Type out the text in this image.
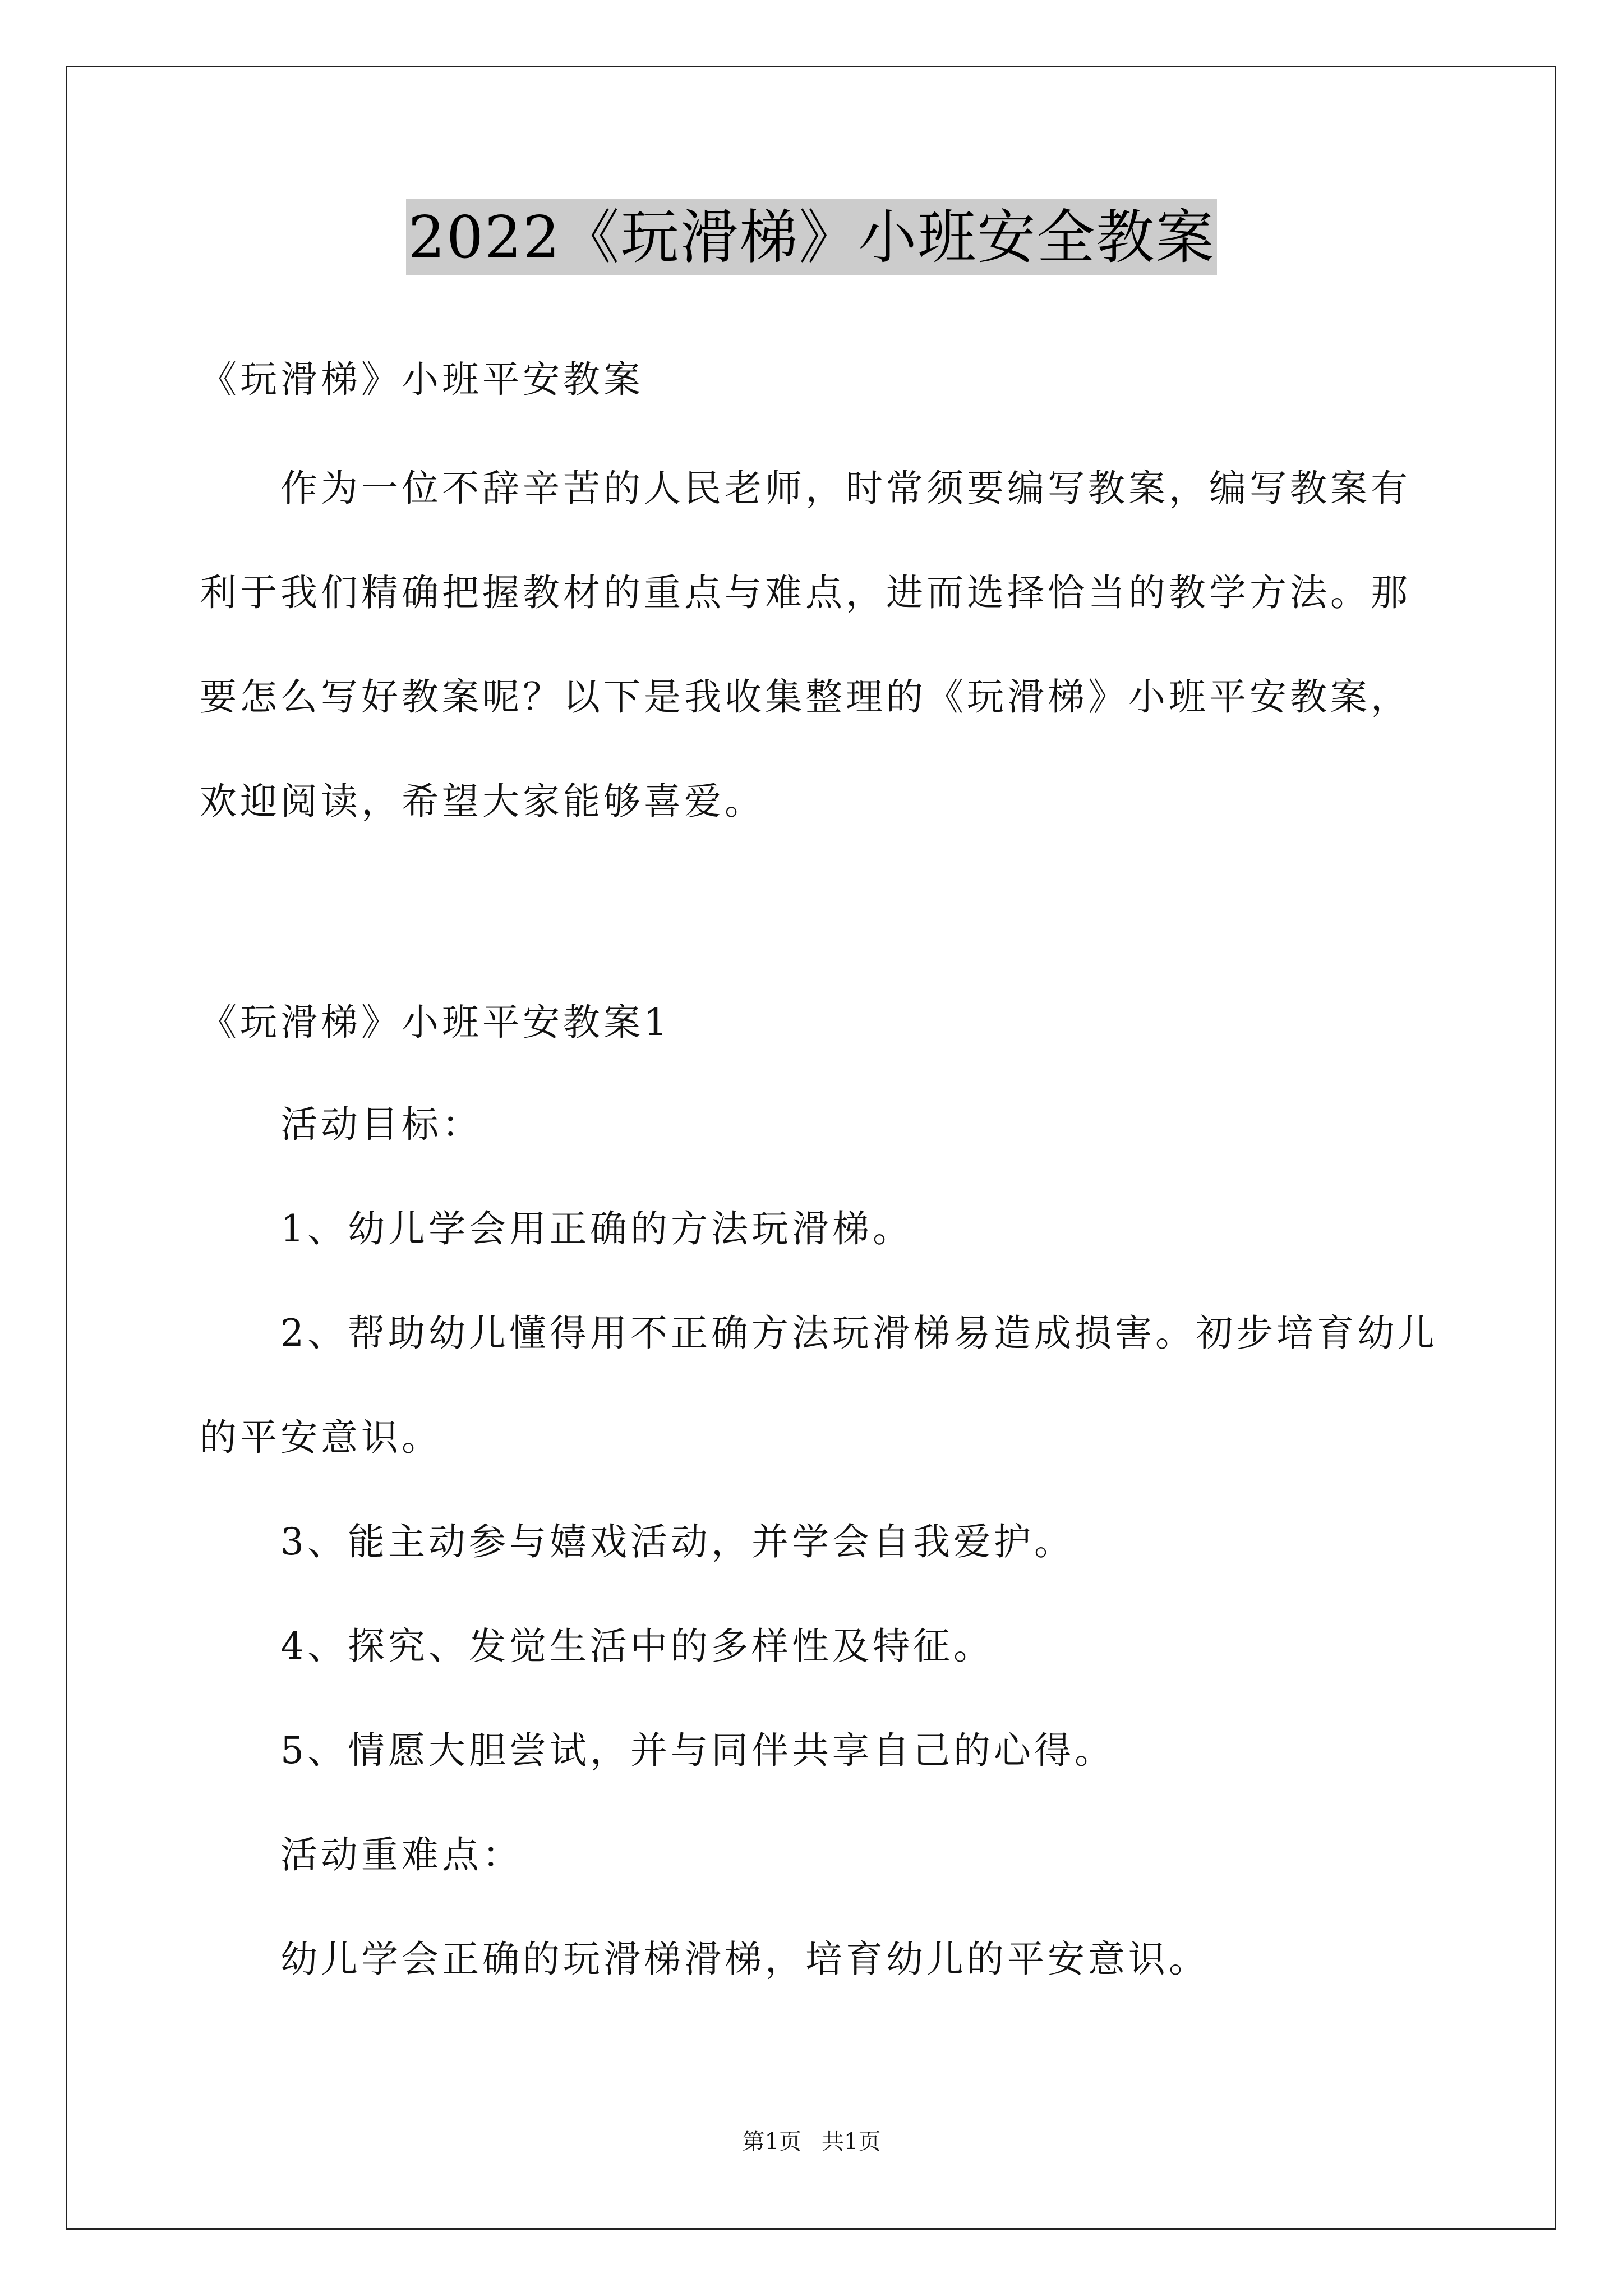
2022《玩滑梯》小班安全教案
《玩滑梯》小班平安教案
作为一位不辞辛苦的人民老师，时常须要编写教案，编写教案有
利于我们精确把握教材的重点与难点，进而选择恰当的教学方法。那
要怎么写好教案呢？以下是我收集整理的《玩滑梯》小班平安教案，
欢迎阅读，希望大家能够喜爱。
《玩滑梯》小班平安教案1
活动目标：
1、幼儿学会用正确的方法玩滑梯。
2、帮助幼儿懂得用不正确方法玩滑梯易造成损害。初步培育幼儿
的平安意识。
3、能主动参与嬉戏活动，并学会自我爱护。
4、探究、发觉生活中的多样性及特征。
5、情愿大胆尝试，并与同伴共享自己的心得。
活动重难点：
幼儿学会正确的玩滑梯滑梯，培育幼儿的平安意识。
第1页 共1页
